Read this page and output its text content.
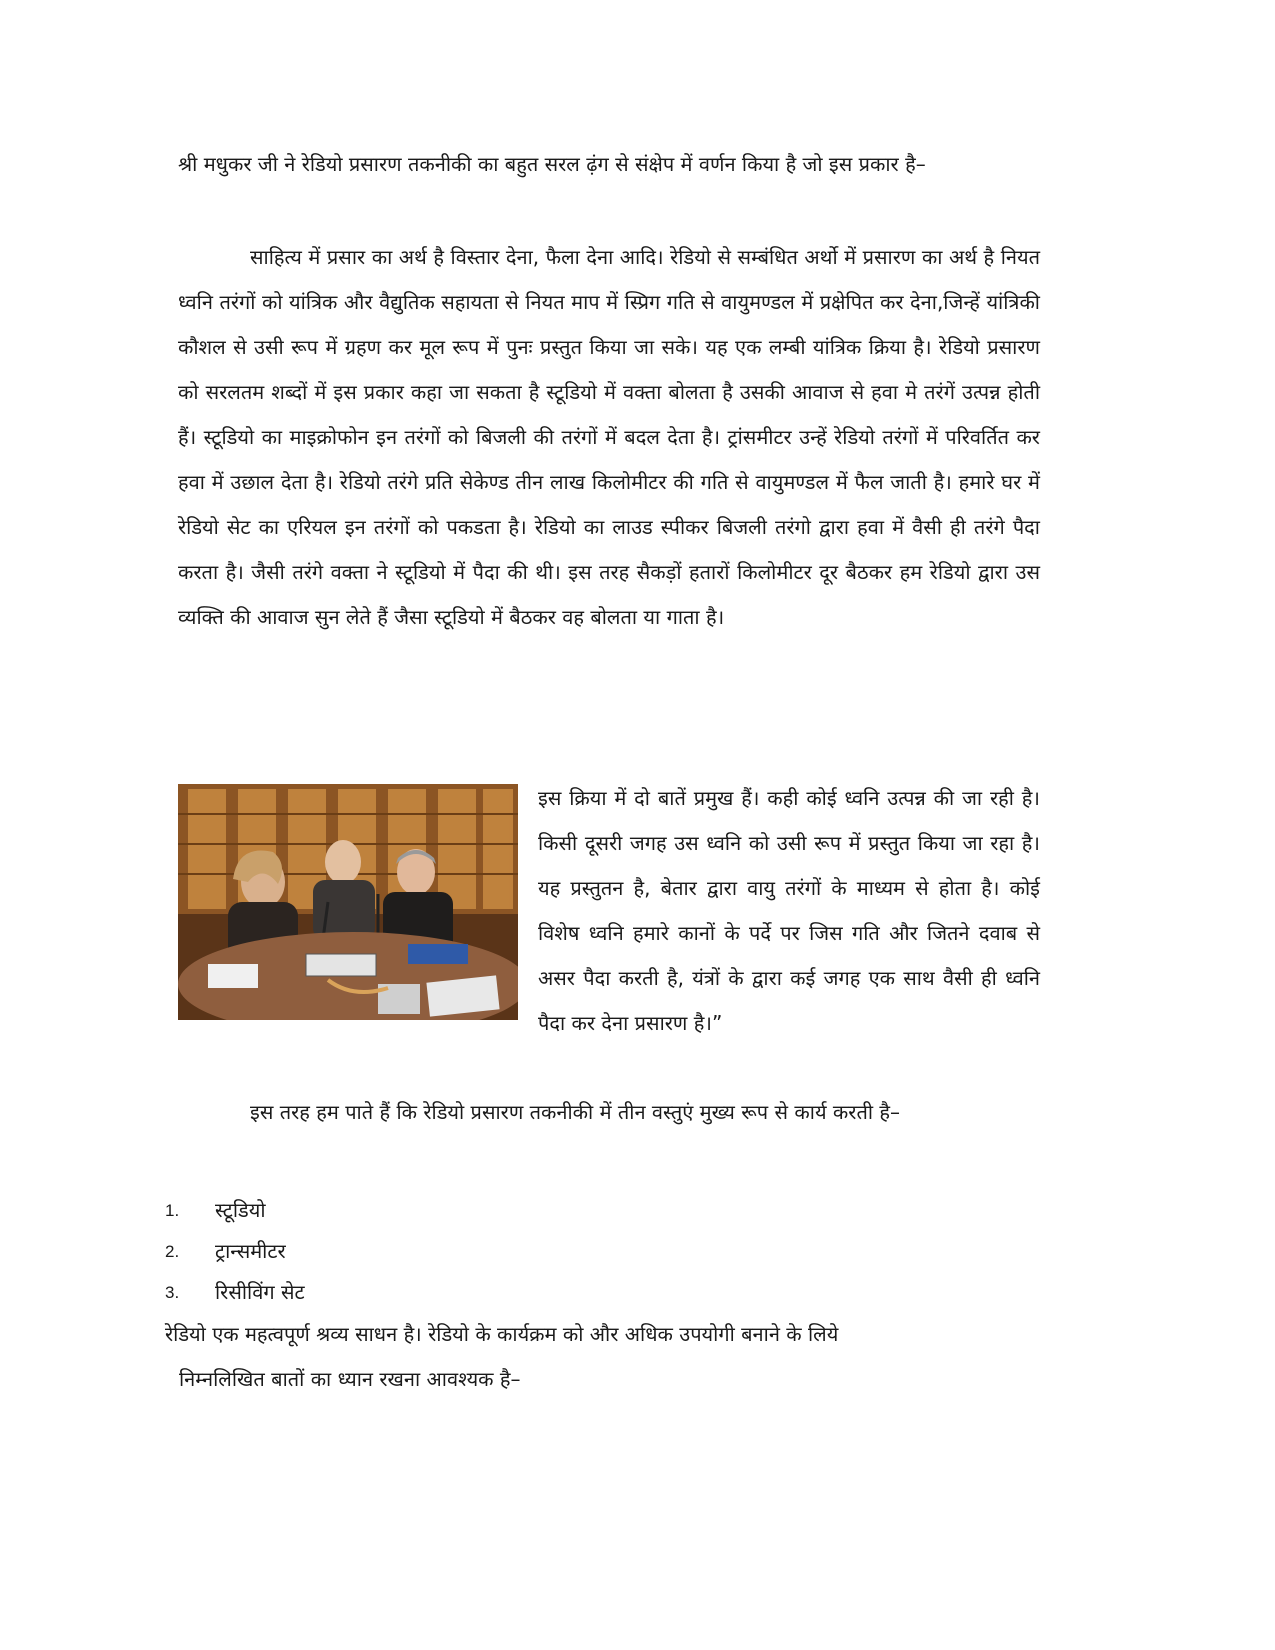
श्री मधुकर जी ने रेडियो प्रसारण तकनीकी का बहुत सरल ढ़ंग से संक्षेप में वर्णन किया है जो इस प्रकार है–

साहित्य में प्रसार का अर्थ है विस्तार देना, फैला देना आदि। रेडियो से सम्बंधित अर्थो में प्रसारण का अर्थ है नियत ध्वनि तरंगों को यांत्रिक और वैद्युतिक सहायता से नियत माप में स्प्रिग गति से वायुमण्डल में प्रक्षेपित कर देना,जिन्हें यांत्रिकी कौशल से उसी रूप में ग्रहण कर मूल रूप में पुनः प्रस्तुत किया जा सके। यह एक लम्बी यांत्रिक क्रिया है। रेडियो प्रसारण को सरलतम शब्दों में इस प्रकार कहा जा सकता है स्टूडियो में वक्ता बोलता है उसकी आवाज से हवा मे तरंगें उत्पन्न होती हैं। स्टूडियो का माइक्रोफोन इन तरंगों को बिजली की तरंगों में बदल देता है। ट्रांसमीटर उन्हें रेडियो तरंगों में परिवर्तित कर हवा में उछाल देता है। रेडियो तरंगे प्रति सेकेण्ड तीन लाख किलोमीटर की गति से वायुमण्डल में फैल जाती है। हमारे घर में रेडियो सेट का एरियल इन तरंगों को पकडता है। रेडियो का लाउड स्पीकर बिजली तरंगो द्वारा हवा में वैसी ही तरंगे पैदा करता है। जैसी तरंगे वक्ता ने स्टूडियो में पैदा की थी। इस तरह सैकड़ों हतारों किलोमीटर दूर बैठकर हम रेडियो द्वारा उस व्यक्ति की आवाज सुन लेते हैं जैसा स्टूडियो में बैठकर वह बोलता या गाता है।

इस क्रिया में दो बातें प्रमुख हैं। कही कोई ध्वनि उत्पन्न की जा रही है।किसी दूसरी जगह उस ध्वनि को उसी रूप में प्रस्तुत किया जा रहा है। यह प्रस्तुतन है, बेतार द्वारा वायु तरंगों के माध्यम से होता है। कोई विशेष ध्वनि हमारे कानों के पर्दे पर जिस गति और जितने दवाब से असर पैदा करती है, यंत्रों के द्वारा कई जगह एक साथ वैसी ही ध्वनि पैदा कर देना प्रसारण है।”

इस तरह हम पाते हैं कि रेडियो प्रसारण तकनीकी में तीन वस्तुएं मुख्य रूप से कार्य करती है–

1. स्टूडियो
2. ट्रान्समीटर
3. रिसीविंग सेट

रेडियो एक महत्वपूर्ण श्रव्य साधन है। रेडियो के कार्यक्रम को और अधिक उपयोगी बनाने के लिये
निम्नलिखित बातों का ध्यान रखना आवश्यक है–
